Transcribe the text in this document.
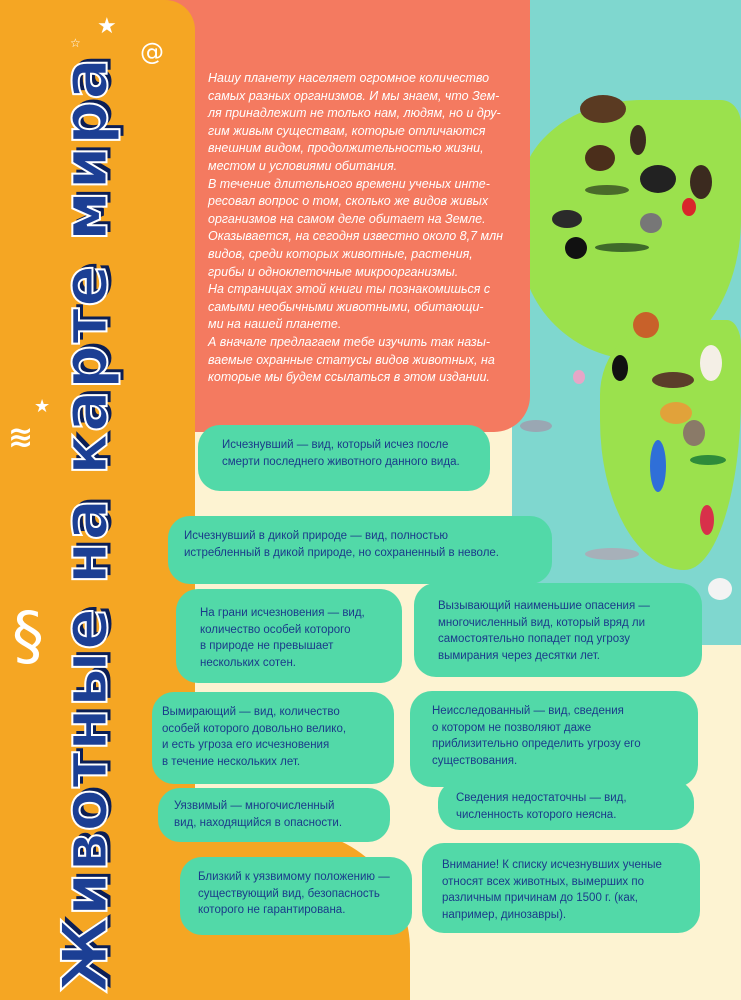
★
☆ @
★
≋
§ Животные на карте мира	Нашу планету населяет огромное количество
самых разных организмов. И мы знаем, что Зем-
ля принадлежит не только нам, людям, но и дру-
гим живым существам, которые отличаются
внешним видом, продолжительностью жизни,
местом и условиями обитания.
В течение длительного времени ученых инте-
ресовал вопрос о том, сколько же видов живых
организмов на самом деле обитает на Земле.
Оказывается, на сегодня известно около 8,7 млн
видов, среди которых животные, растения,
грибы и одноклеточные микроорганизмы.
На страницах этой книги ты познакомишься с
самыми необычными животными, обитающи-
ми на нашей планете.
А вначале предлагаем тебе изучить так назы-
ваемые охранные статусы видов животных, на
которые мы будем ссылаться в этом издании.
Исчезнувший — вид, который исчез после
смерти последнего животного данного вида.
Исчезнувший в дикой природе — вид, полностью
истребленный в дикой природе, но сохраненный в неволе.
На грани исчезновения — вид,
количество особей которого
в природе не превышает
нескольких сотен.
Вызывающий наименьшие опасения —
многочисленный вид, который вряд ли
самостоятельно попадет под угрозу
вымирания через десятки лет.
Вымирающий — вид, количество
особей которого довольно велико,
и есть угроза его исчезновения
в течение нескольких лет.
Неисследованный — вид, сведения
о котором не позволяют даже
приблизительно определить угрозу его
существования.
Уязвимый — многочисленный
вид, находящийся в опасности.
Сведения недостаточны — вид,
численность которого неясна.
Близкий к уязвимому положению —
существующий вид, безопасность
которого не гарантирована.
Внимание! К списку исчезнувших ученые
относят всех животных, вымерших по
различным причинам до 1500 г. (как,
например, динозавры).
